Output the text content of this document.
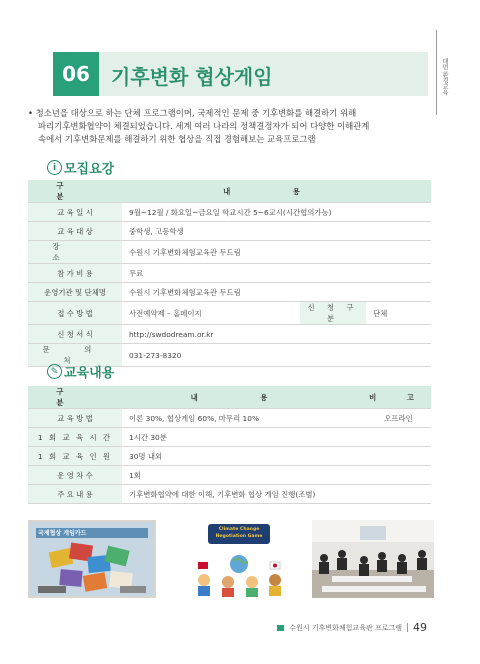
대면 환경교육
06	기후변화 협상게임
• 청소년을 대상으로 하는 단체 프로그램이며, 국제적인 문제 중 기후변화를 해결하기 위해
파리기후변화협약이 체결되었습니다. 세계 여러 나라의 정책결정자가 되어 다양한 이해관계
속에서 기후변화문제를 해결하기 위한 협상을 직접 경험해보는 교육프로그램
i 모집요강
구 분	내 용		
교 육 일 시	9월~12월 / 화요일~금요일 학교시간 5~6교시(시간협의가능)		
교 육 대 상	중학생, 고등학생		
장 소	수원시 기후변화체험교육관 두드림		
참 가 비 용	무료		
운영기관 및 단체명	수원시 기후변화체험교육관 두드림		
접 수 방 법	사전예약제 – 홈페이지	신 청 구 분	단체
신 청 서 식	http://swdodream.or.kr		
문 의 처	031-273-8320		
✎ 교육내용
구 분	내 용	비 고
교 육 방 법	이론 30%, 협상게임 60%, 마무리 10%	오프라인
1 회 교 육 시 간	1시간 30분	
1 회 교 육 인 원	30명 내외	
운 영 차 수	1회	
주 요 내 용	기후변화협약에 대한 이해, 기후변화 협상 게임 진행(조별)	
국제협상 게임카드
Climate Change Negotiation Game
수원시 기후변화체험교육관 프로그램 49
